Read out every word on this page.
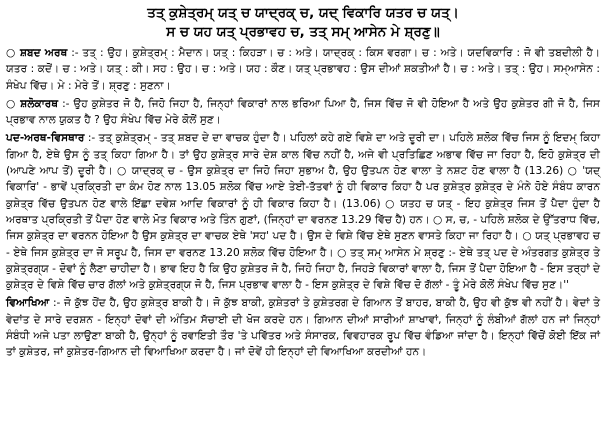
ਤਤ੍ ਕੁਸ਼ੇਤ੍ਰਮ੍ ਯਤ੍ ਚ ਯਾਦ੍ਰਕ੍ ਚ, ਯਦ੍ ਵਿਕਾਰਿ ਯਤਰ ਚ ਯਤ੍।

ਸ ਚ ਯਹ ਯਤ੍ ਪ੍ਰਭਾਵਹ ਚ, ਤਤ੍ ਸਮ੍ ਆਸੇਨ ਮੇ ਸ਼੍ਰਣੁ॥

○ ਸ਼ਬਦ ਅਰਥ :- ਤਤ੍ : ਉਹ। ਕੁਸ਼ੇਤ੍ਰਮ੍ : ਮੈਦਾਨ। ਯਤ੍ : ਕਿਹੜਾ। ਚ : ਅਤੇ। ਯਾਦ੍ਰਕ੍ : ਕਿਸ ਵਰਗਾ। ਚ : ਅਤੇ। ਯਦਵਿਕਾਰਿ : ਜੋ ਵੀ ਤਬਦੀਲੀ ਹੈ। ਯਤਰ : ਕਦੋਂ। ਚ : ਅਤੇ। ਯਤ੍ : ਕੀ। ਸਹ : ਉਹ। ਚ : ਅਤੇ। ਯਹ : ਕੌਣ। ਯਤ੍ ਪ੍ਰਭਾਵਹ : ਉਸ ਦੀਆਂ ਸ਼ਕਤੀਆਂ ਹੈ। ਚ : ਅਤੇ। ਤਤ੍ : ਉਹ। ਸਮ੍ਆਸੇਨ : ਸੰਖੇਪ ਵਿੱਚ। ਮੇ : ਮੇਰੇ ਤੋਂ। ਸ਼੍ਰਣੁ : ਸੁਣਨਾ।

○ ਸ਼ਲੋਕਾਰਥ :- ਉਹ ਕੁਸ਼ੇਤਰ ਜੋ ਹੈ, ਜਿਹੋ ਜਿਹਾ ਹੈ, ਜਿਨ੍ਹਾਂ ਵਿਕਾਰਾਂ ਨਾਲ ਭਰਿਆ ਪਿਆ ਹੈ, ਜਿਸ ਵਿੱਚ ਜੋ ਵੀ ਹੋਇਆ ਹੈ ਅਤੇ ਉਹ ਕੁਸ਼ੇਤਰ ਗੀ ਜੋ ਹੈ, ਜਿਸ ਪ੍ਰਭਾਵ ਨਾਲ ਯੁਕਤ ਹੈ ? ਉਹ ਸੰਖੇਪ ਵਿੱਚ ਮੇਰੇ ਕੋਲੋਂ ਸੁਣ।

ਪਦ-ਅਰਥ-ਵਿਸਥਾਰ :- ਤਤ੍ ਕੁਸ਼ੇਤ੍ਰਮ੍ - ਤਤ੍ ਸ਼ਬਦ ਦੇ ਦਾ ਵਾਚਕ ਹੁੰਦਾ ਹੈ। ਪਹਿਲਾਂ ਕਹੇ ਗਏ ਵਿਸ਼ੇ ਦਾ ਅਤੇ ਦੂਰੀ ਦਾ। ਪਹਿਲੇ ਸ਼ਲੋਕ ਵਿੱਚ ਜਿਸ ਨੂੰ ਇਦਮ੍ ਕਿਹਾ ਗਿਆ ਹੈ, ਏਥੇ ਉਸ ਨੂੰ ਤਤ੍ ਕਿਹਾ ਗਿਆ ਹੈ। ਤਾਂ ਉਹ ਕੁਸ਼ੇਤ੍ਰ ਸਾਰੇ ਦੇਸ਼ ਕਾਲ ਵਿੱਚ ਨਹੀਂ ਹੈ, ਅਜੇ ਵੀ ਪ੍ਰਤਿਛਿਣ ਅਭਾਵ ਵਿੱਚ ਜਾ ਰਿਹਾ ਹੈ, ਇਹੋ ਕੁਸ਼ੇਤ੍ਰ ਦੀ (ਆਪਣੇ ਆਪ ਤੋਂ) ਦੂਰੀ ਹੈ। ○ ਯਾਦ੍ਰਕ੍ ਚ - ਉਸ ਕੁਸ਼ੇਤ੍ਰ ਦਾ ਜਿਹੋ ਜਿਹਾ ਸੁਭਾਅ ਹੈ, ਉਹ ਉਤਪਨ ਹੋਣ ਵਾਲਾ ਤੇ ਨਸ਼ਟ ਹੋਣ ਵਾਲਾ ਹੈ (13.26) ○ 'ਯਦ੍ ਵਿਕਾਰਿ' - ਭਾਵੇਂ ਪ੍ਰਕ੍ਰਿਤੀ ਦਾ ਕੰਮ ਹੋਣ ਨਾਲ 13.05 ਸ਼ਲੋਕ ਵਿੱਚ ਆਏ ਤੇਈ-ਤੱਤਵਾਂ ਨੂੰ ਹੀ ਵਿਕਾਰ ਕਿਹਾ ਹੈ ਪਰ ਕੁਸ਼ੇਤ੍ਰ ਕੁਸ਼ੇਤ੍ਰ ਦੇ ਮੰਨੇ ਹੋਏ ਸੰਬੰਧ ਕਾਰਨ ਕੁਸ਼ੇਤ੍ਰ ਵਿੱਚ ਉਤਪਨ ਹੋਣ ਵਾਲੇ ਇੱਛਾ ਦਵੇਸ਼ ਆਦਿ ਵਿਕਾਰਾਂ ਨੂੰ ਹੀ ਵਿਕਾਰ ਕਿਹਾ ਹੈ। (13.06) ○ ਯਤਹ ਚ ਯਤ੍ - ਇਹ ਕੁਸ਼ੇਤ੍ਰ ਜਿਸ ਤੋਂ ਪੈਦਾ ਹੁੰਦਾ ਹੈ ਅਰਥਾਤ ਪ੍ਰਕ੍ਰਿਤੀ ਤੋਂ ਪੈਦਾ ਹੋਣ ਵਾਲੇ ਮੋਤ ਵਿਕਾਰ ਅਤੇ ਤਿੰਨ ਗੁਣਾਂ, (ਜਿਨ੍ਹਾਂ ਦਾ ਵਰਨਣ 13.29 ਵਿੱਚ ਹੈ) ਹਨ। ○ ਸ, ਚ, - ਪਹਿਲੇ ਸ਼ਲੋਕ ਦੇ ਉੱਤਰਾਧ ਵਿੱਚ, ਜਿਸ ਕੁਸ਼ੇਤ੍ਰ ਦਾ ਵਰਨਨ ਹੋਇਆ ਹੈ ਉਸ ਕੁਸ਼ੇਤ੍ਰ ਦਾ ਵਾਚਕ ਏਥੇ 'ਸਹ' ਪਦ ਹੈ। ਉਸ ਦੇ ਵਿਸ਼ੇ ਵਿੱਚ ਏਥੇ ਸੁਣਨ ਵਾਸਤੇ ਕਿਹਾ ਜਾ ਰਿਹਾ ਹੈ। ○ ਯਤ੍ ਪ੍ਰਭਾਵਹ ਚ - ਏਥੇ ਜਿਸ ਕੁਸ਼ੇਤ੍ਰ ਦਾ ਜੋ ਸਰੂਪ ਹੈ, ਜਿਸ ਦਾ ਵਰਨਣ 13.20 ਸ਼ਲੋਕ ਵਿੱਚ ਹੋਇਆ ਹੈ। ○ ਤਤ੍ ਸਮ੍ ਆਸੇਨ ਮੇ ਸ਼੍ਰਣੁ :- ਏਥੇ ਤਤ੍ ਪਦ ਦੇ ਅੰਤਰਗਤ ਕੁਸ਼ੇਤ੍ਰ ਤੇ ਕੁਸ਼ੇਤ੍ਰਗ੍ਯ - ਦੋਵਾਂ ਨੂੰ ਲੈਣਾ ਚਾਹੀਦਾ ਹੈ। ਭਾਵ ਇਹ ਹੈ ਕਿ ਉਹ ਕੁਸ਼ੇਤਰ ਜੋ ਹੈ, ਜਿਹੋ ਜਿਹਾ ਹੈ, ਜਿਹੜੇ ਵਿਕਾਰਾਂ ਵਾਲਾ ਹੈ, ਜਿਸ ਤੋਂ ਪੈਦਾ ਹੋਇਆ ਹੈ - ਇਸ ਤਰ੍ਹਾਂ ਦੇ ਕੁਸ਼ੇਤ੍ਰ ਦੇ ਵਿਸ਼ੇ ਵਿੱਚ ਚਾਰ ਗੱਲਾਂ ਅਤੇ ਕੁਸ਼ੇਤ੍ਰਗ੍ਯ ਜੋ ਹੈ, ਜਿਸ ਪ੍ਰਭਾਵ ਵਾਲਾ ਹੈ - ਇਸ ਕੁਸ਼ੇਤ੍ਰ ਦੇ ਵਿਸ਼ੇ ਵਿੱਚ ਦੋ ਗੱਲਾਂ - ਤੂੰ ਮੇਰੇ ਕੋਲੋਂ ਸੰਖੇਪ ਵਿੱਚ ਸੁਣ।''

ਵਿਆਖਿਆ :- ਜੋ ਕੁੱਝ ਹੋਂਦ ਹੈ, ਉਹ ਕੁਸ਼ੇਤ੍ਰ ਬਾਕੀ ਹੈ। ਜੋ ਕੁੱਝ ਬਾਕੀ, ਕੁਸ਼ੇਤਰਾਂ ਤੇ ਕੁਸ਼ੇਤਰਗ ਦੇ ਗਿਆਨ ਤੋਂ ਬਾਹਰ, ਬਾਕੀ ਹੈ, ਉਹ ਵੀ ਕੁੱਝ ਵੀ ਨਹੀਂ ਹੈ। ਵੇਦਾਂ ਤੇ ਵੇਦਾਂਤ ਦੇ ਸਾਰੇ ਦਰਸ਼ਨ - ਇਨ੍ਹਾਂ ਦੋਵਾਂ ਦੀ ਅੰਤਿਮ ਸੱਚਾਈ ਦੀ ਖੋਜ ਕਰਦੇ ਹਨ। ਗਿਆਨ ਦੀਆਂ ਸਾਰੀਆਂ ਸ਼ਾਖਾਵਾਂ, ਜਿਨ੍ਹਾਂ ਨੂੰ ਲੰਬੀਆਂ ਗੱਲਾਂ ਹਨ ਜਾਂ ਜਿਨ੍ਹਾਂ ਸੰਬੰਧੀ ਅਜੇ ਪਤਾ ਲਾਉਣਾ ਬਾਕੀ ਹੈ, ਉਨ੍ਹਾਂ ਨੂੰ ਰਵਾਇਤੀ ਤੌਰ 'ਤੇ ਪਵਿੱਤਰ ਅਤੇ ਸੰਸਾਰਕ, ਵਿਵਹਾਰਕ ਰੂਪ ਵਿੱਚ ਵੰਡਿਆ ਜਾਂਦਾ ਹੈ। ਇਨ੍ਹਾਂ ਵਿੱਚੋਂ ਕੋਈ ਇੱਕ ਜਾਂ ਤਾਂ ਕੁਸ਼ੇਤਰ, ਜਾਂ ਕੁਸ਼ੇਤਰ-ਗਿਆਨ ਦੀ ਵਿਆਖਿਆ ਕਰਦਾ ਹੈ। ਜਾਂ ਦੋਵੇਂ ਹੀ ਇਨ੍ਹਾਂ ਦੀ ਵਿਆਖਿਆ ਕਰਦੀਆਂ ਹਨ।
